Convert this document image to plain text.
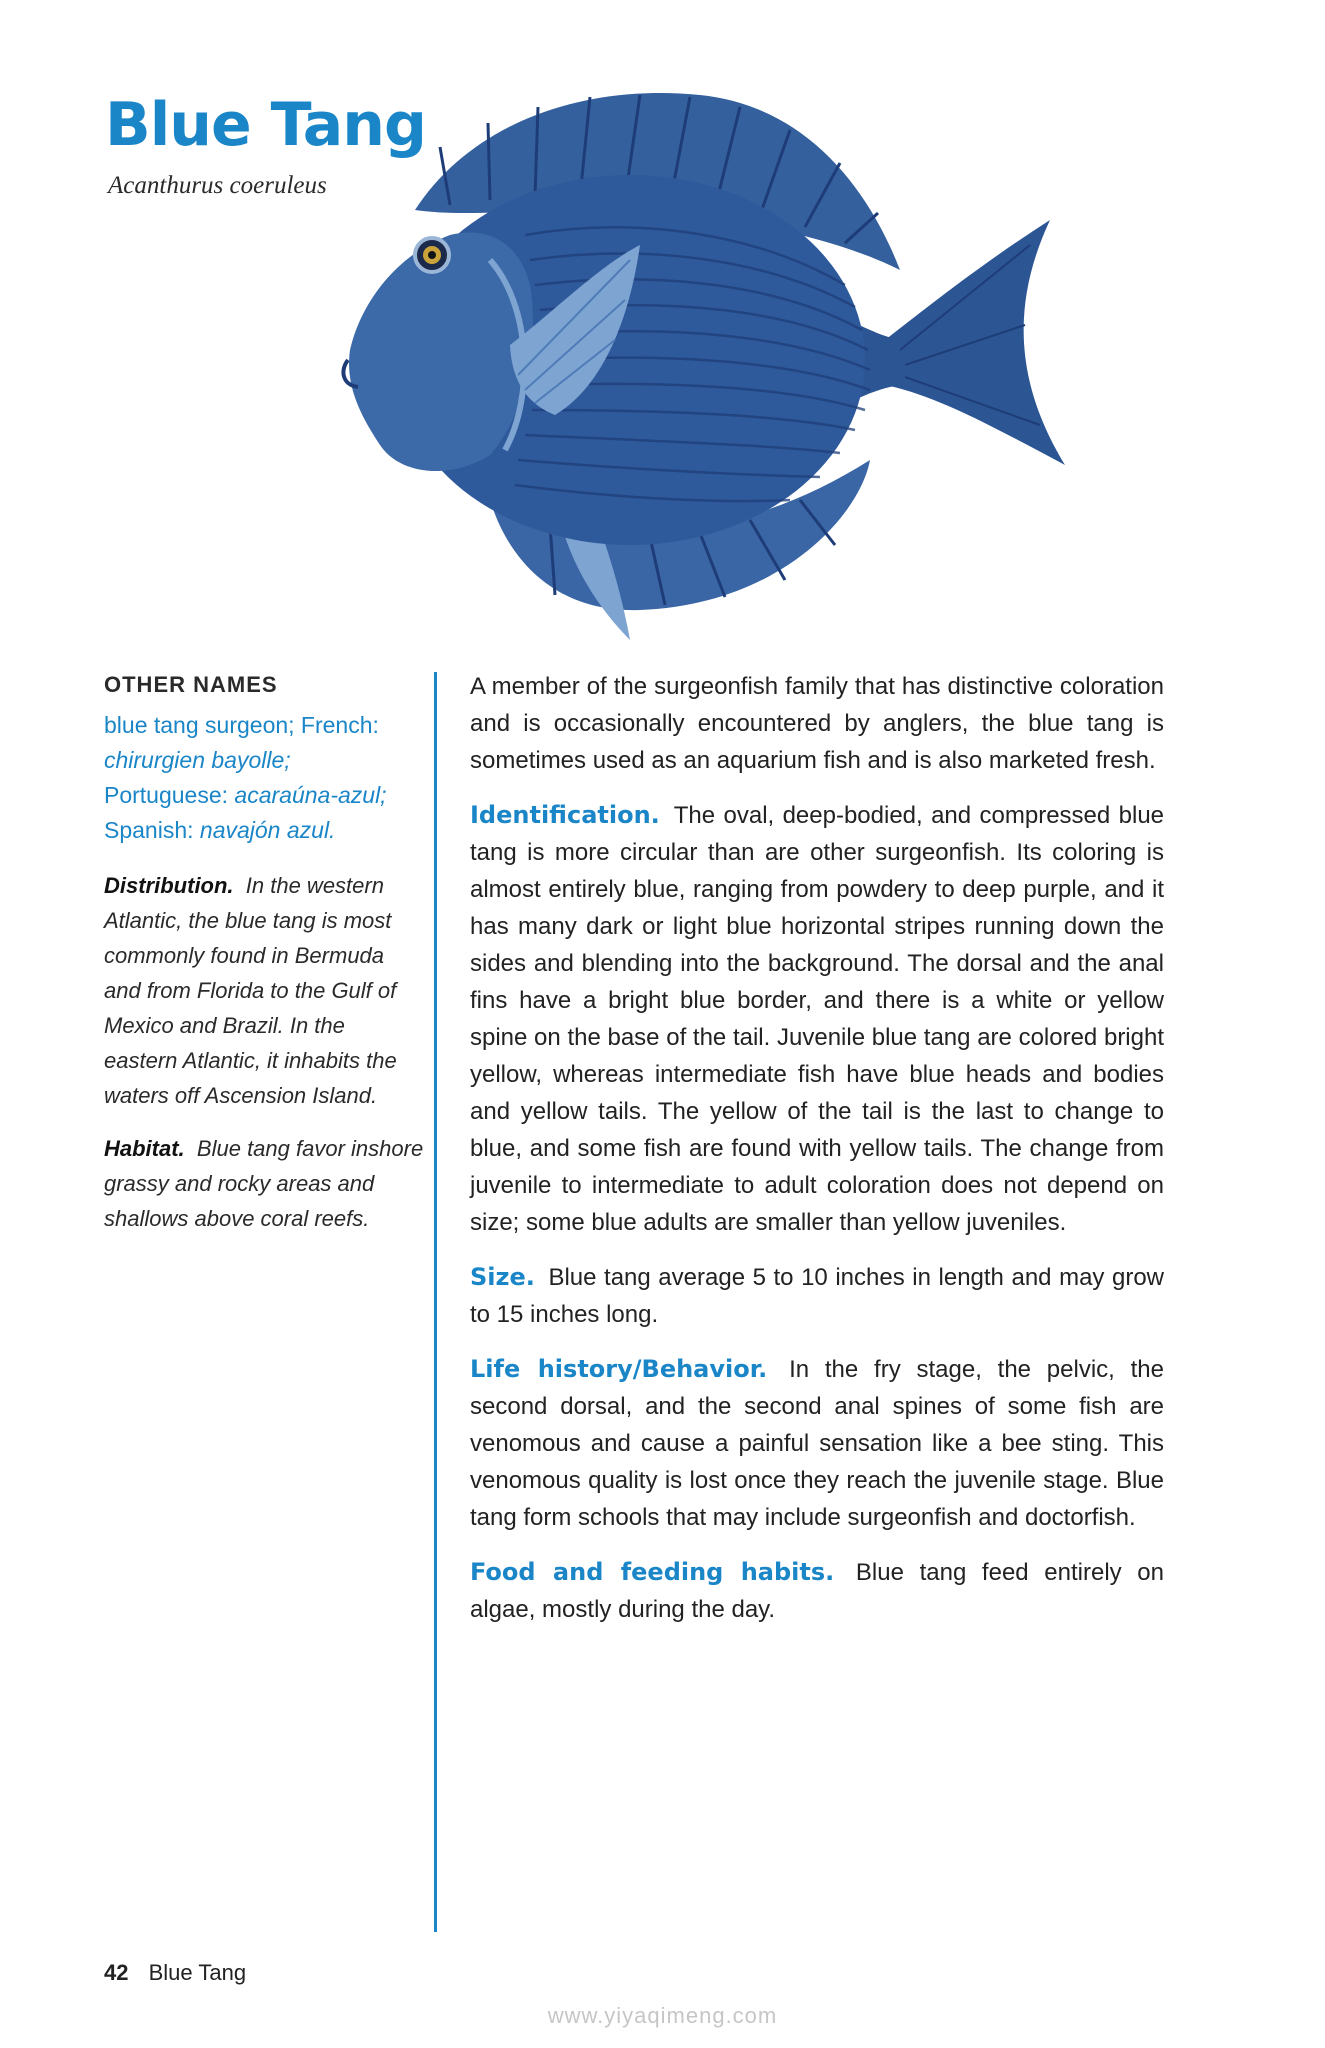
Blue Tang
Acanthurus coeruleus
OTHER NAMES
blue tang surgeon; French:
chirurgien bayolle;
Portuguese: acaraúna-azul;
Spanish: navajón azul.

Distribution. In the western Atlantic, the blue tang is most commonly found in Bermuda and from Florida to the Gulf of Mexico and Brazil. In the eastern Atlantic, it inhabits the waters off Ascension Island.

Habitat. Blue tang favor inshore grassy and rocky areas and shallows above coral reefs.

A member of the surgeonfish family that has distinctive coloration and is occasionally encountered by anglers, the blue tang is sometimes used as an aquarium fish and is also marketed fresh.

Identification. The oval, deep-bodied, and compressed blue tang is more circular than are other surgeonfish. Its coloring is almost entirely blue, ranging from powdery to deep purple, and it has many dark or light blue horizontal stripes running down the sides and blending into the background. The dorsal and the anal fins have a bright blue border, and there is a white or yellow spine on the base of the tail. Juvenile blue tang are colored bright yellow, whereas intermediate fish have blue heads and bodies and yellow tails. The yellow of the tail is the last to change to blue, and some fish are found with yellow tails. The change from juvenile to intermediate to adult coloration does not depend on size; some blue adults are smaller than yellow juveniles.

Size. Blue tang average 5 to 10 inches in length and may grow to 15 inches long.

Life history/Behavior. In the fry stage, the pelvic, the second dorsal, and the second anal spines of some fish are venomous and cause a painful sensation like a bee sting. This venomous quality is lost once they reach the juvenile stage. Blue tang form schools that may include surgeonfish and doctorfish.

Food and feeding habits. Blue tang feed entirely on algae, mostly during the day.

42 Blue Tang
www.yiyaqimeng.com
